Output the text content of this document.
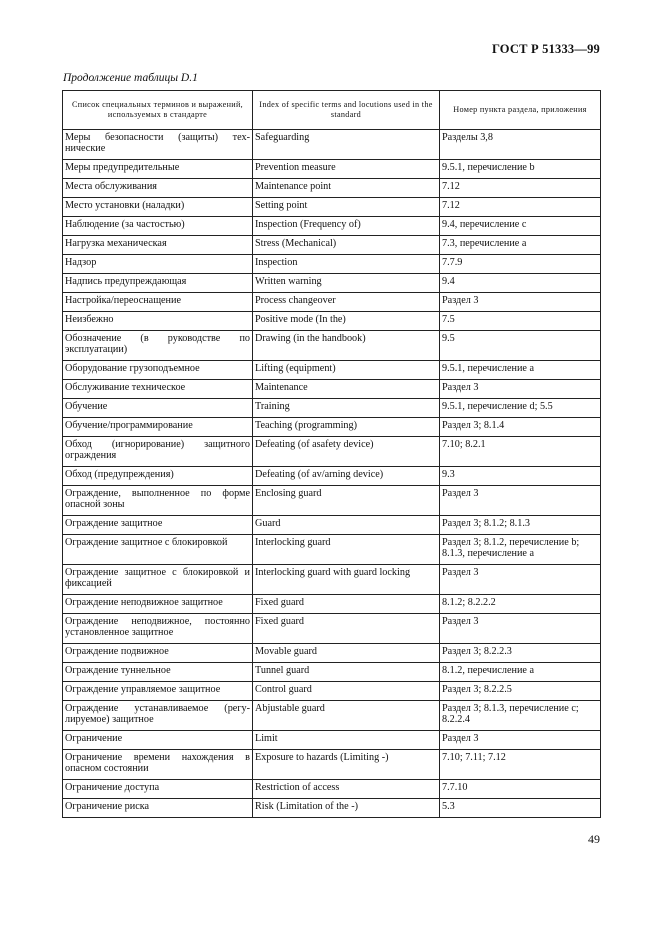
ГОСТ Р 51333—99
Продолжение таблицы D.1
Список специальных терминов и выражений, используемых в стандарте	Index of specific terms and locutions used in the standard	Номер пункта раздела, приложения
Меры безопасности (защиты) тех-нические	Safeguarding	Разделы 3,8
Меры предупредительные	Prevention measure	9.5.1, перечисление b
Места обслуживания	Maintenance point	7.12
Место установки (наладки)	Setting point	7.12
Наблюдение (за частостью)	Inspection (Frequency of)	9.4, перечисление с
Нагрузка механическая	Stress (Mechanical)	7.3, перечисление а
Надзор	Inspection	7.7.9
Надпись предупреждающая	Written warning	9.4
Настройка/переоснащение	Process changeover	Раздел 3
Неизбежно	Positive mode (In the)	7.5
Обозначение (в руководстве по эксплуатации)	Drawing (in the handbook)	9.5
Оборудование грузоподъемное	Lifting (equipment)	9.5.1, перечисление а
Обслуживание техническое	Maintenance	Раздел 3
Обучение	Training	9.5.1, перечисление d; 5.5
Обучение/программирование	Teaching (programming)	Раздел 3; 8.1.4
Обход (игнорирование) защитного ограждения	Defeating (of asafety device)	7.10; 8.2.1
Обход (предупреждения)	Defeating (of av/arning device)	9.3
Ограждение, выполненное по форме опасной зоны	Enclosing guard	Раздел 3
Ограждение защитное	Guard	Раздел 3; 8.1.2; 8.1.3
Ограждение защитное с блокировкой	Interlocking guard	Раздел 3; 8.1.2, перечисление b; 8.1.3, перечисление а
Ограждение защитное с блокировкой и фиксацией	Interlocking guard with guard locking	Раздел 3
Ограждение неподвижное защитное	Fixed guard	8.1.2; 8.2.2.2
Ограждение неподвижное, постоянно установленное защитное	Fixed guard	Раздел 3
Ограждение подвижное	Movable guard	Раздел 3; 8.2.2.3
Ограждение туннельное	Tunnel guard	8.1.2, перечисление а
Ограждение управляемое защитное	Control guard	Раздел 3; 8.2.2.5
Ограждение устанавливаемое (регу-лируемое) защитное	Abjustable guard	Раздел 3; 8.1.3, перечисление с; 8.2.2.4
Ограничение	Limit	Раздел 3
Ограничение времени нахождения в опасном состоянии	Exposure to hazards (Limiting -)	7.10; 7.11; 7.12
Ограничение доступа	Restriction of access	7.7.10
Ограничение риска	Risk (Limitation of the -)	5.3
49
